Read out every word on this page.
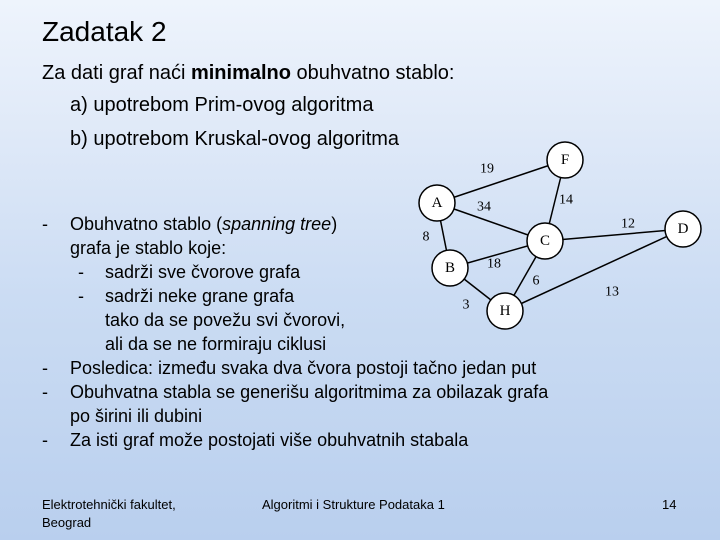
Zadatak 2
Za dati graf naći minimalno obuhvatno stablo:
a) upotrebom Prim-ovog algoritma
b) upotrebom Kruskal-ovog algoritma
- Obuhvatno stablo (spanning tree)
grafa je stablo koje:
- sadrži sve čvorove grafa
- sadrži neke grane grafa
tako da se povežu svi čvorovi,
ali da se ne formiraju ciklusi
- Posledica: između svaka dva čvora postoji tačno jedan put
- Obuhvatna stabla se generišu algoritmima za obilazak grafa
po širini ili dubini
- Za isti graf može postojati više obuhvatnih stabala
A
B
C
D
F
H
19
34
8
14
12
18
3
6
13
Elektrotehnički fakultet,
Beograd
Algoritmi i Strukture Podataka 1	14
